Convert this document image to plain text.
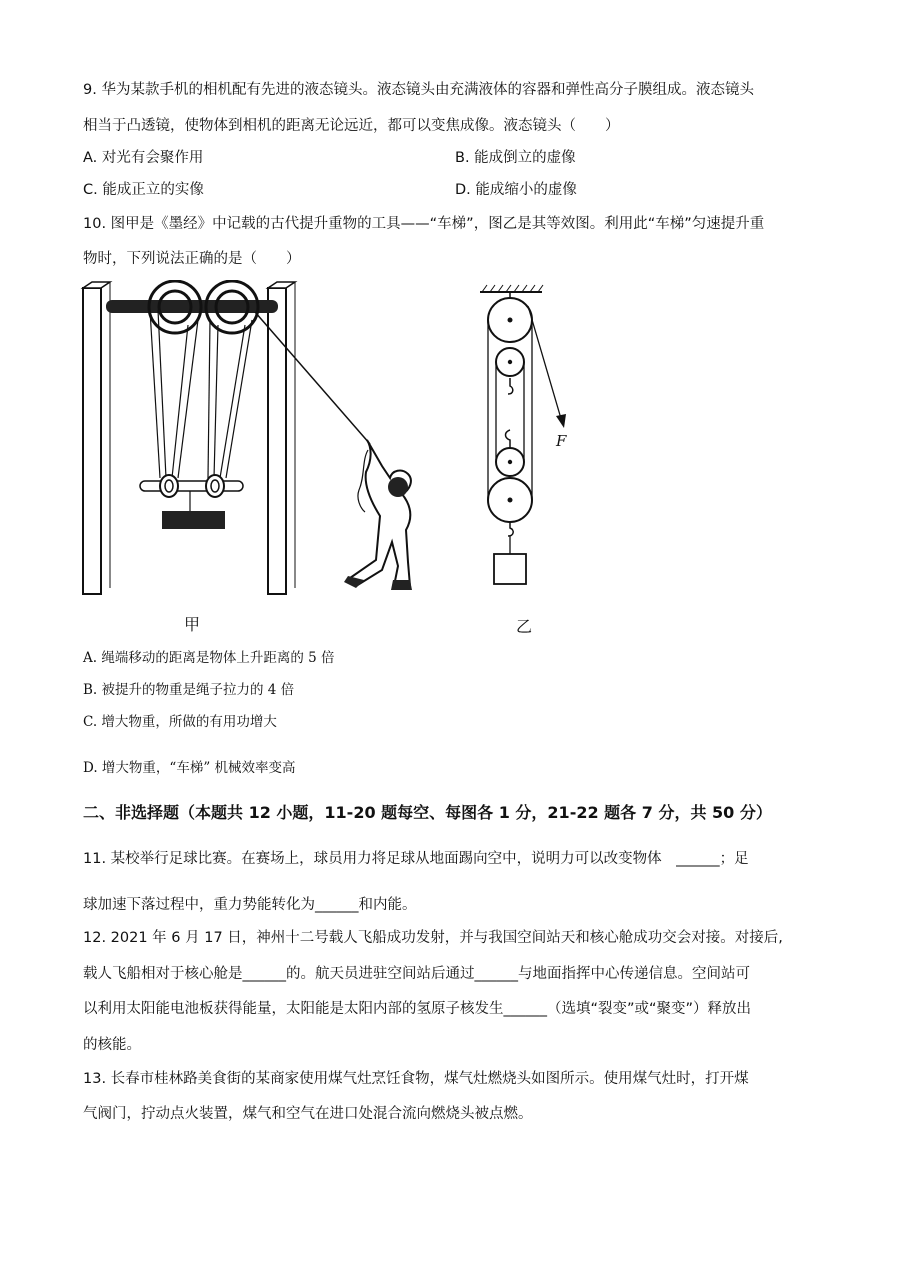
9. 华为某款手机的相机配有先进的液态镜头。液态镜头由充满液体的容器和弹性高分子膜组成。液态镜头
相当于凸透镜，使物体到相机的距离无论远近，都可以变焦成像。液态镜头（　　）
A. 对光有会聚作用	B. 能成倒立的虚像
C. 能成正立的实像	D. 能成缩小的虚像
10. 图甲是《墨经》中记载的古代提升重物的工具——“车梯”，图乙是其等效图。利用此“车梯”匀速提升重
物时，下列说法正确的是（　　）
甲
F
乙
A. 绳端移动的距离是物体上升距离的 5 倍
B. 被提升的物重是绳子拉力的 4 倍
C. 增大物重，所做的有用功增大
D. 增大物重，“车梯” 机械效率变高
二、非选择题（本题共 12 小题，11-20 题每空、每图各 1 分，21-22 题各 7 分，共 50 分）
11. 某校举行足球比赛。在赛场上，球员用力将足球从地面踢向空中，说明力可以改变物体　______；足
球加速下落过程中，重力势能转化为______和内能。
12. 2021 年 6 月 17 日，神州十二号载人飞船成功发射，并与我国空间站天和核心舱成功交会对接。对接后,
载人飞船相对于核心舱是______的。航天员进驻空间站后通过______与地面指挥中心传递信息。空间站可
以利用太阳能电池板获得能量，太阳能是太阳内部的氢原子核发生______（选填“裂变”或“聚变”）释放出
的核能。
13. 长春市桂林路美食街的某商家使用煤气灶烹饪食物，煤气灶燃烧头如图所示。使用煤气灶时，打开煤
气阀门，拧动点火装置，煤气和空气在进口处混合流向燃烧头被点燃。
